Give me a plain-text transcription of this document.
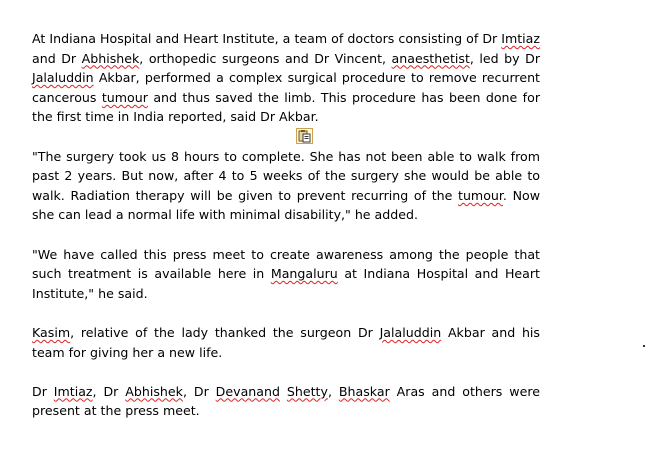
At Indiana Hospital and Heart Institute, a team of doctors consisting of Dr Imtiaz and Dr Abhishek, orthopedic surgeons and Dr Vincent, anaesthetist, led by Dr Jalaluddin Akbar, performed a complex surgical procedure to remove recurrent cancerous tumour and thus saved the limb. This procedure has been done for the first time in India reported, said Dr Akbar.

"The surgery took us 8 hours to complete. She has not been able to walk from past 2 years. But now, after 4 to 5 weeks of the surgery she would be able to walk. Radiation therapy will be given to prevent recurring of the tumour. Now she can lead a normal life with minimal disability," he added.

"We have called this press meet to create awareness among the people that such treatment is available here in Mangaluru at Indiana Hospital and Heart Institute," he said.

Kasim, relative of the lady thanked the surgeon Dr Jalaluddin Akbar and his team for giving her a new life.

Dr Imtiaz, Dr Abhishek, Dr Devanand Shetty, Bhaskar Aras and others were present at the press meet.
